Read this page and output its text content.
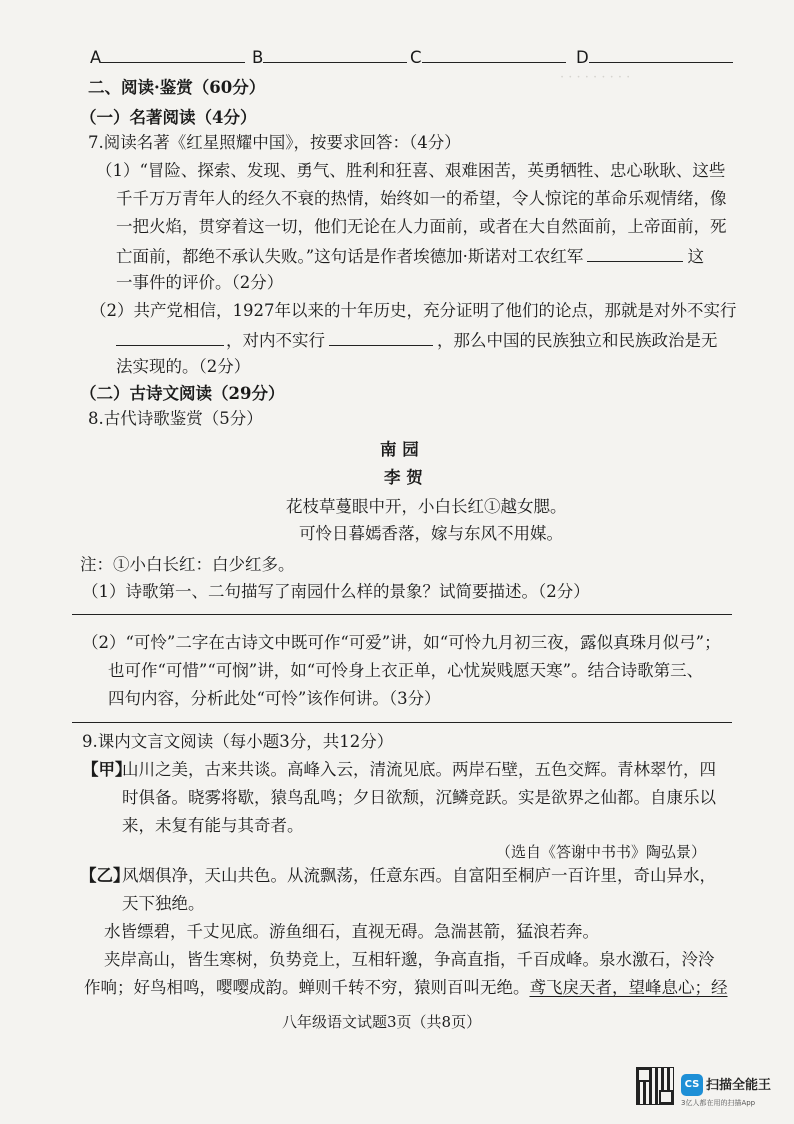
· · · · · · · · ·
A	B	C	D
二、阅读·鉴赏（60分）
（一）名著阅读（4分）
7.阅读名著《红星照耀中国》，按要求回答：（4分）
（1）“冒险、探索、发现、勇气、胜利和狂喜、艰难困苦，英勇牺牲、忠心耿耿、这些
千千万万青年人的经久不衰的热情，始终如一的希望，令人惊诧的革命乐观情绪，像
一把火焰，贯穿着这一切，他们无论在人力面前，或者在大自然面前，上帝面前，死
亡面前，都绝不承认失败。”这句话是作者埃德加·斯诺对工农红军	这
一事件的评价。（2分）
（2）共产党相信，1927年以来的十年历史，充分证明了他们的论点，那就是对外不实行
，对内不实行	，那么中国的民族独立和民族政治是无
法实现的。（2分）
（二）古诗文阅读（29分）
8.古代诗歌鉴赏（5分）
南 园
李 贺
花枝草蔓眼中开，小白长红①越女腮。
可怜日暮嫣香落，嫁与东风不用媒。
注：①小白长红：白少红多。
（1）诗歌第一、二句描写了南园什么样的景象？试简要描述。（2分）
（2）“可怜”二字在古诗文中既可作“可爱”讲，如“可怜九月初三夜，露似真珠月似弓”；
也可作“可惜”“可悯”讲，如“可怜身上衣正单，心忧炭贱愿天寒”。结合诗歌第三、
四句内容，分析此处“可怜”该作何讲。（3分）
9.课内文言文阅读（每小题3分，共12分）
【甲】
山川之美，古来共谈。高峰入云，清流见底。两岸石壁，五色交辉。青林翠竹，四
时俱备。晓雾将歇，猿鸟乱鸣；夕日欲颓，沉鳞竞跃。实是欲界之仙都。自康乐以
来，未复有能与其奇者。
（选自《答谢中书书》陶弘景）
【乙】
风烟俱净，天山共色。从流飘荡，任意东西。自富阳至桐庐一百许里，奇山异水，
天下独绝。
水皆缥碧，千丈见底。游鱼细石，直视无碍。急湍甚箭，猛浪若奔。
夹岸高山，皆生寒树，负势竞上，互相轩邈，争高直指，千百成峰。泉水激石，泠泠
作响；好鸟相鸣，嘤嘤成韵。蝉则千转不穷，猿则百叫无绝。鸢飞戾天者，望峰息心；经
八年级语文试题3页（共8页）
CS 扫描全能王
3亿人都在用的扫描App
